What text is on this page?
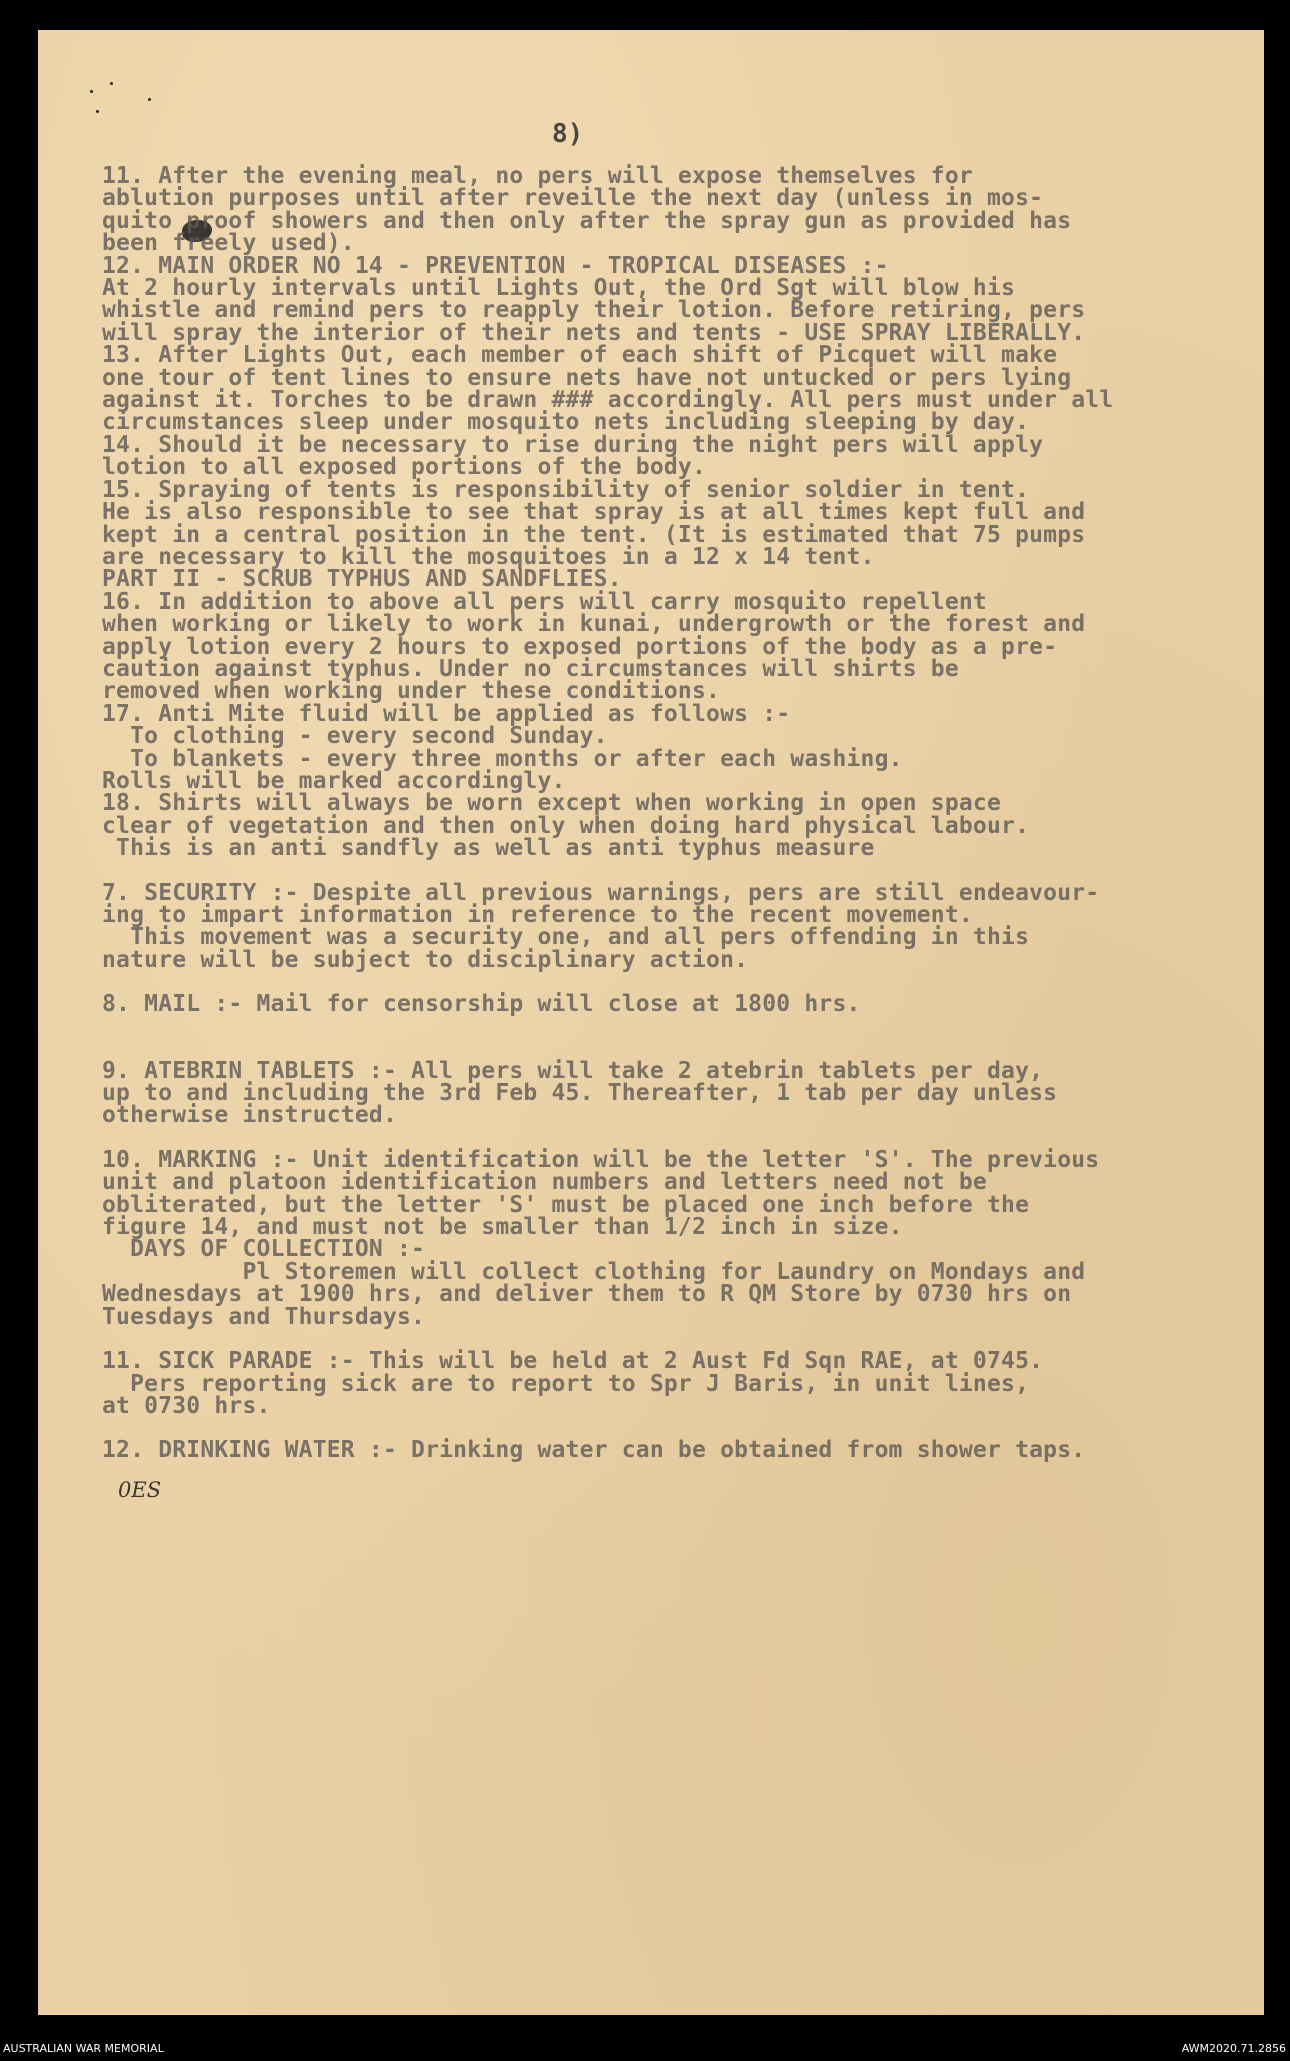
8)
11. After the evening meal, no pers will expose themselves for
ablution purposes until after reveille the next day (unless in mos-
quito proof showers and then only after the spray gun as provided has
been freely used).
12. MAIN ORDER NO 14 - PREVENTION - TROPICAL DISEASES :-
At 2 hourly intervals until Lights Out, the Ord Sgt will blow his
whistle and remind pers to reapply their lotion. Before retiring, pers
will spray the interior of their nets and tents - USE SPRAY LIBERALLY.
13. After Lights Out, each member of each shift of Picquet will make
one tour of tent lines to ensure nets have not untucked or pers lying
against it. Torches to be drawn ### accordingly. All pers must under all
circumstances sleep under mosquito nets including sleeping by day.
14. Should it be necessary to rise during the night pers will apply
lotion to all exposed portions of the body.
15. Spraying of tents is responsibility of senior soldier in tent.
He is also responsible to see that spray is at all times kept full and
kept in a central position in the tent. (It is estimated that 75 pumps
are necessary to kill the mosquitoes in a 12 x 14 tent.
PART II - SCRUB TYPHUS AND SANDFLIES.
16. In addition to above all pers will carry mosquito repellent
when working or likely to work in kunai, undergrowth or the forest and
apply lotion every 2 hours to exposed portions of the body as a pre-
caution against typhus. Under no circumstances will shirts be
removed when working under these conditions.
17. Anti Mite fluid will be applied as follows :-
To clothing - every second Sunday.
To blankets - every three months or after each washing.
Rolls will be marked accordingly.
18. Shirts will always be worn except when working in open space
clear of vegetation and then only when doing hard physical labour.
This is an anti sandfly as well as anti typhus measure
7. SECURITY :- Despite all previous warnings, pers are still endeavour-
ing to impart information in reference to the recent movement.
This movement was a security one, and all pers offending in this
nature will be subject to disciplinary action.
8. MAIL :- Mail for censorship will close at 1800 hrs.
9. ATEBRIN TABLETS :- All pers will take 2 atebrin tablets per day,
up to and including the 3rd Feb 45. Thereafter, 1 tab per day unless
otherwise instructed.
10. MARKING :- Unit identification will be the letter 'S'. The previous
unit and platoon identification numbers and letters need not be
obliterated, but the letter 'S' must be placed one inch before the
figure 14, and must not be smaller than 1/2 inch in size.
DAYS OF COLLECTION :-
Pl Storemen will collect clothing for Laundry on Mondays and
Wednesdays at 1900 hrs, and deliver them to R QM Store by 0730 hrs on
Tuesdays and Thursdays.
11. SICK PARADE :- This will be held at 2 Aust Fd Sqn RAE, at 0745.
Pers reporting sick are to report to Spr J Baris, in unit lines,
at 0730 hrs.
12. DRINKING WATER :- Drinking water can be obtained from shower taps.
0ES
AUSTRALIAN WAR MEMORIAL	AWM2020.71.2856
